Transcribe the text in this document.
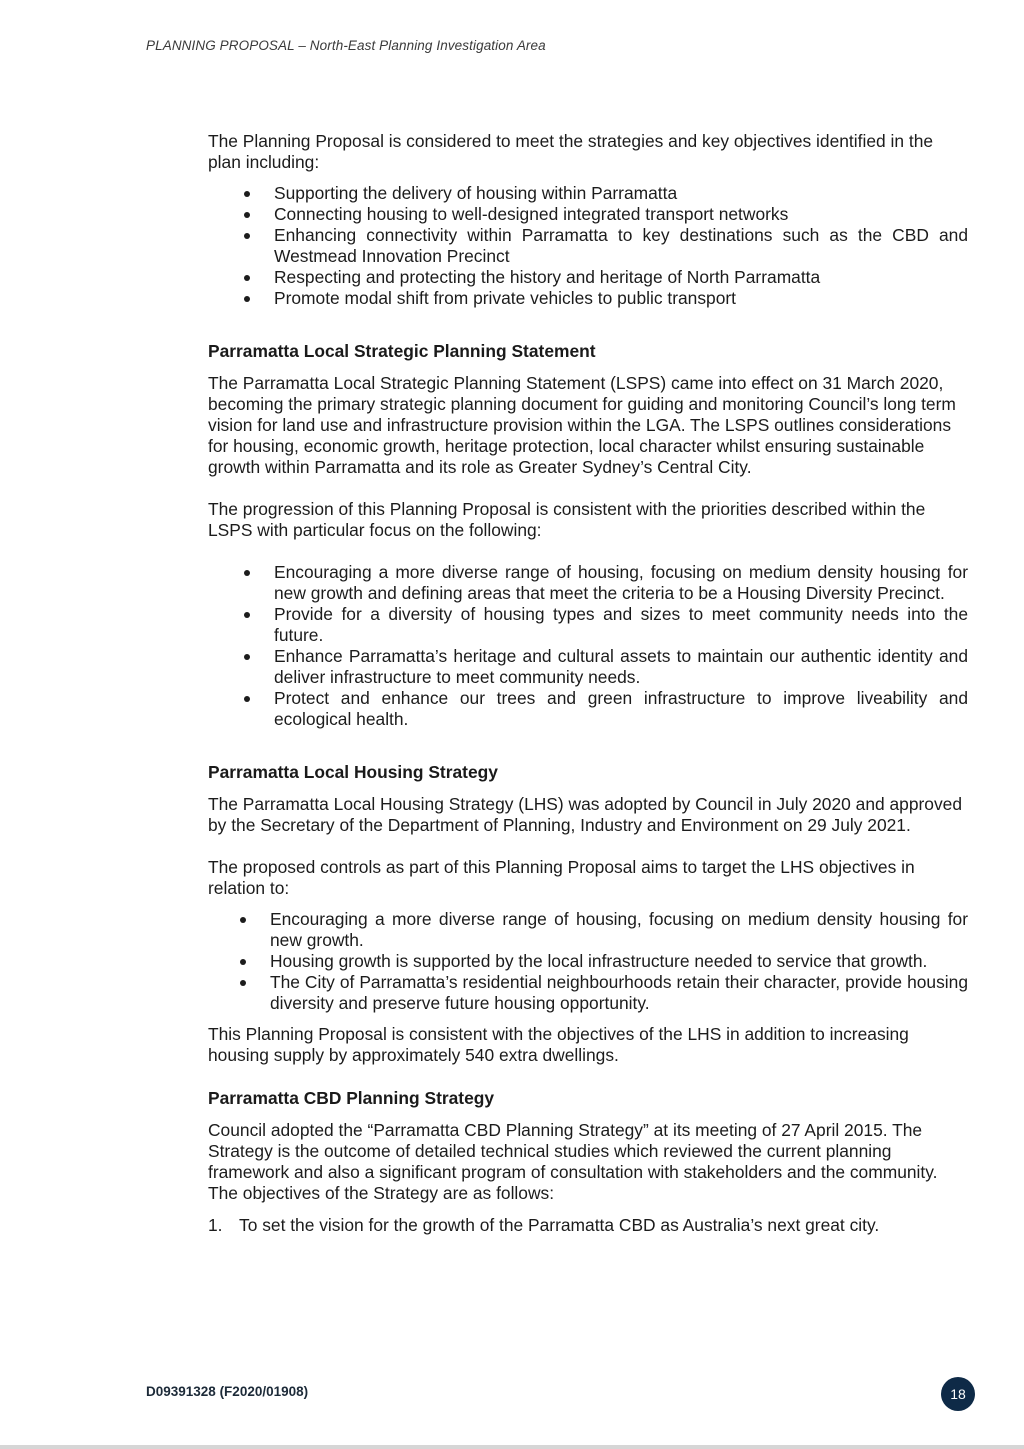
PLANNING PROPOSAL – North-East Planning Investigation Area

The Planning Proposal is considered to meet the strategies and key objectives identified in the plan including:

Supporting the delivery of housing within Parramatta
Connecting housing to well-designed integrated transport networks
Enhancing connectivity within Parramatta to key destinations such as the CBD and Westmead Innovation Precinct
Respecting and protecting the history and heritage of North Parramatta
Promote modal shift from private vehicles to public transport
Parramatta Local Strategic Planning Statement

The Parramatta Local Strategic Planning Statement (LSPS) came into effect on 31 March 2020, becoming the primary strategic planning document for guiding and monitoring Council’s long term vision for land use and infrastructure provision within the LGA. The LSPS outlines considerations for housing, economic growth, heritage protection, local character whilst ensuring sustainable growth within Parramatta and its role as Greater Sydney’s Central City.

The progression of this Planning Proposal is consistent with the priorities described within the LSPS with particular focus on the following:

Encouraging a more diverse range of housing, focusing on medium density housing for new growth and defining areas that meet the criteria to be a Housing Diversity Precinct.
Provide for a diversity of housing types and sizes to meet community needs into the future.
Enhance Parramatta’s heritage and cultural assets to maintain our authentic identity and deliver infrastructure to meet community needs.
Protect and enhance our trees and green infrastructure to improve liveability and ecological health.
Parramatta Local Housing Strategy

The Parramatta Local Housing Strategy (LHS) was adopted by Council in July 2020 and approved by the Secretary of the Department of Planning, Industry and Environment on 29 July 2021.

The proposed controls as part of this Planning Proposal aims to target the LHS objectives in relation to:

Encouraging a more diverse range of housing, focusing on medium density housing for new growth.
Housing growth is supported by the local infrastructure needed to service that growth.
The City of Parramatta’s residential neighbourhoods retain their character, provide housing diversity and preserve future housing opportunity.

This Planning Proposal is consistent with the objectives of the LHS in addition to increasing housing supply by approximately 540 extra dwellings.

Parramatta CBD Planning Strategy

Council adopted the “Parramatta CBD Planning Strategy” at its meeting of 27 April 2015. The Strategy is the outcome of detailed technical studies which reviewed the current planning framework and also a significant program of consultation with stakeholders and the community. The objectives of the Strategy are as follows:

1. To set the vision for the growth of the Parramatta CBD as Australia’s next great city.
D09391328 (F2020/01908)	18
